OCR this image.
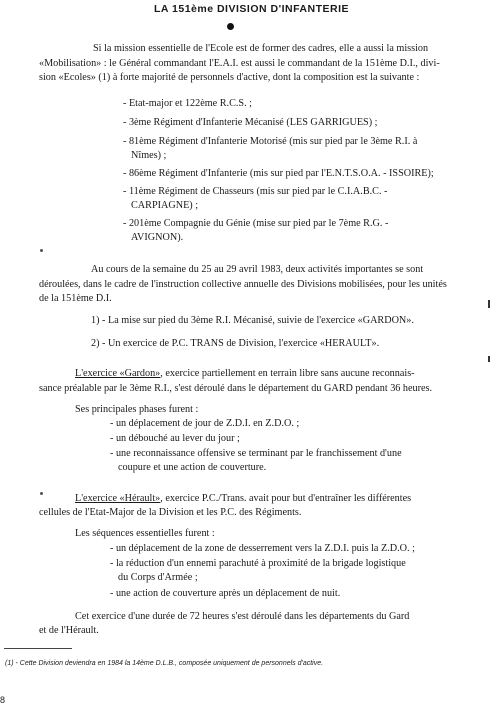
LA 151ème DIVISION D'INFANTERIE
Si la mission essentielle de l'Ecole est de former des cadres, elle a aussi la mission
«Mobilisation» : le Général commandant l'E.A.I. est aussi le commandant de la 151ème D.I., divi-
sion «Ecoles» (1) à forte majorité de personnels d'active, dont la composition est la suivante :
- Etat-major et 122ème R.C.S. ;
- 3ème Régiment d'Infanterie Mécanisé (LES GARRIGUES) ;
- 81ème Régiment d'Infanterie Motorisé (mis sur pied par le 3ème R.I. à
Nîmes) ;
- 86ème Régiment d'Infanterie (mis sur pied par l'E.N.T.S.O.A. - ISSOIRE);
- 11ème Régiment de Chasseurs (mis sur pied par le C.I.A.B.C. -
CARPIAGNE) ;
- 201ème Compagnie du Génie (mise sur pied par le 7ème R.G. -
AVIGNON).
Au cours de la semaine du 25 au 29 avril 1983, deux activités importantes se sont
déroulées, dans le cadre de l'instruction collective annuelle des Divisions mobilisées, pour les unités
de la 151ème D.I.
1) - La mise sur pied du 3ème R.I. Mécanisé, suivie de l'exercice «GARDON».
2) - Un exercice de P.C. TRANS de Division, l'exercice «HERAULT».
L'exercice «Gardon», exercice partiellement en terrain libre sans aucune reconnais-
sance préalable par le 3ème R.I., s'est déroulé dans le département du GARD pendant 36 heures.
Ses principales phases furent :
- un déplacement de jour de Z.D.I. en Z.D.O. ;
- un débouché au lever du jour ;
- une reconnaissance offensive se terminant par le franchissement d'une
coupure et une action de couverture.
L'exercice «Hérault», exercice P.C./Trans. avait pour but d'entraîner les différentes
cellules de l'Etat-Major de la Division et les P.C. des Régiments.
Les séquences essentielles furent :
- un déplacement de la zone de desserrement vers la Z.D.I. puis la Z.D.O. ;
- la réduction d'un ennemi parachuté à proximité de la brigade logistique
du Corps d'Armée ;
- une action de couverture après un déplacement de nuit.
Cet exercice d'une durée de 72 heures s'est déroulé dans les départements du Gard
et de l'Hérault.
(1) - Cette Division deviendra en 1984 la 14ème D.L.B., composée uniquement de personnels d'active.
8
